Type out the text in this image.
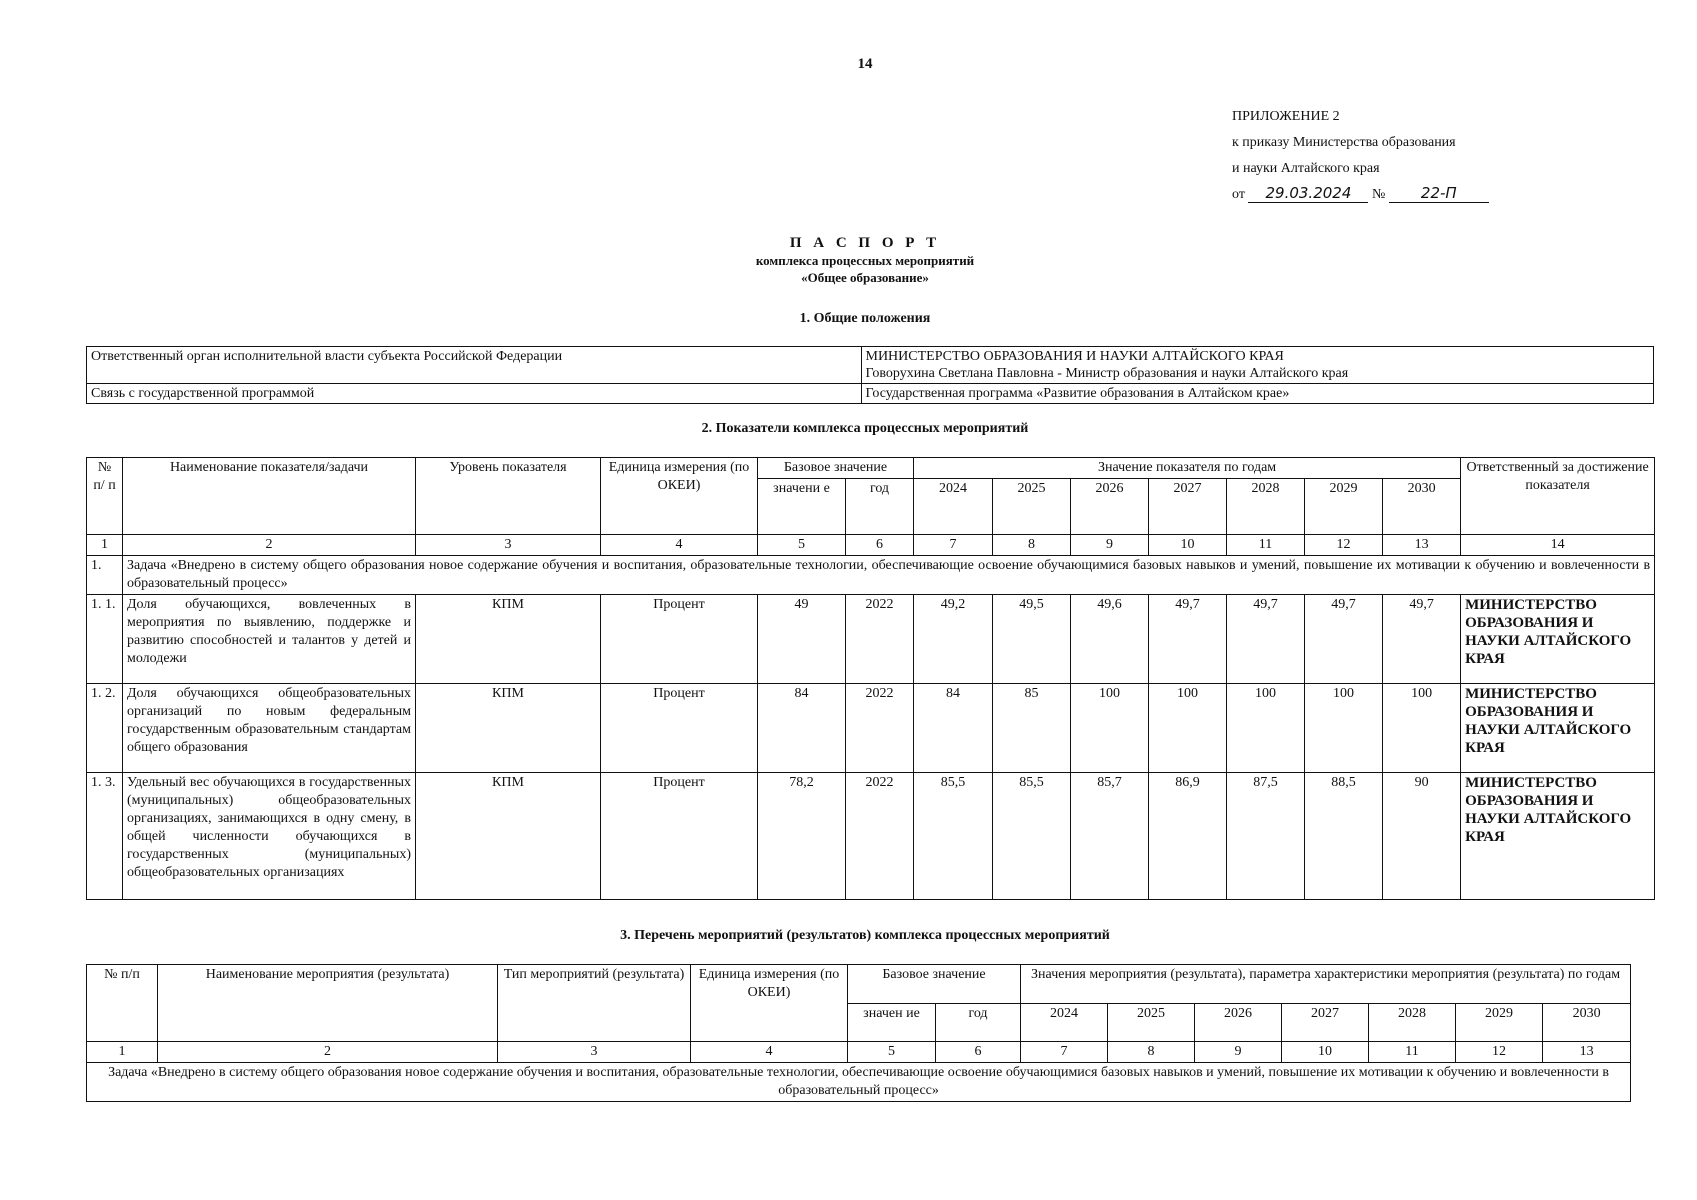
14
ПРИЛОЖЕНИЕ 2
к приказу Министерства образования
и науки Алтайского края
от 29.03.2024 № 22-П
П А С П О Р Т
комплекса процессных мероприятий
«Общее образование»
1. Общие положения
Ответственный орган исполнительной власти субъекта Российской Федерации	МИНИСТЕРСТВО ОБРАЗОВАНИЯ И НАУКИ АЛТАЙСКОГО КРАЯ
Говорухина Светлана Павловна - Министр образования и науки Алтайского края

Связь с государственной программой	Государственная программа «Развитие образования в Алтайском крае»
2. Показатели комплекса процессных мероприятий
№ п/ п	Наименование показателя/задачи	Уровень показателя	Единица измерения (по ОКЕИ)	Базовое значение		Значение показателя по годам							Ответственный за достижение показателя
				значени е	год	2024	2025	2026	2027	2028	2029	2030	
1	2	3	4	5	6	7	8	9	10	11	12	13	14
1.	Задача «Внедрено в систему общего образования новое содержание обучения и воспитания, образовательные технологии, обеспечивающие освоение обучающимися базовых навыков и умений, повышение их мотивации к обучению и вовлеченности в образовательный процесс»												
1. 1.	Доля обучающихся, вовлеченных в мероприятия по выявлению, поддержке и развитию способностей и талантов у детей и молодежи	КПМ	Процент	49	2022	49,2	49,5	49,6	49,7	49,7	49,7	49,7	МИНИСТЕРСТВО ОБРАЗОВАНИЯ И НАУКИ АЛТАЙСКОГО КРАЯ
1. 2.	Доля обучающихся общеобразовательных организаций по новым федеральным государственным образовательным стандартам общего образования	КПМ	Процент	84	2022	84	85	100	100	100	100	100	МИНИСТЕРСТВО ОБРАЗОВАНИЯ И НАУКИ АЛТАЙСКОГО КРАЯ
1. 3.	Удельный вес обучающихся в государственных (муниципальных) общеобразовательных организациях, занимающихся в одну смену, в общей численности обучающихся в государственных (муниципальных) общеобразовательных организациях	КПМ	Процент	78,2	2022	85,5	85,5	85,7	86,9	87,5	88,5	90	МИНИСТЕРСТВО ОБРАЗОВАНИЯ И НАУКИ АЛТАЙСКОГО КРАЯ
3. Перечень мероприятий (результатов) комплекса процессных мероприятий
№ п/п	Наименование мероприятия (результата)	Тип мероприятий (результата)	Единица измерения (по ОКЕИ)	Базовое значение		Значения мероприятия (результата), параметра характеристики мероприятия (результата) по годам						
				значен ие	год	2024	2025	2026	2027	2028	2029	2030
1	2	3	4	5	6	7	8	9	10	11	12	13
Задача «Внедрено в систему общего образования новое содержание обучения и воспитания, образовательные технологии, обеспечивающие освоение обучающимися базовых навыков и умений, повышение их мотивации к обучению и вовлеченности в образовательный процесс»												
